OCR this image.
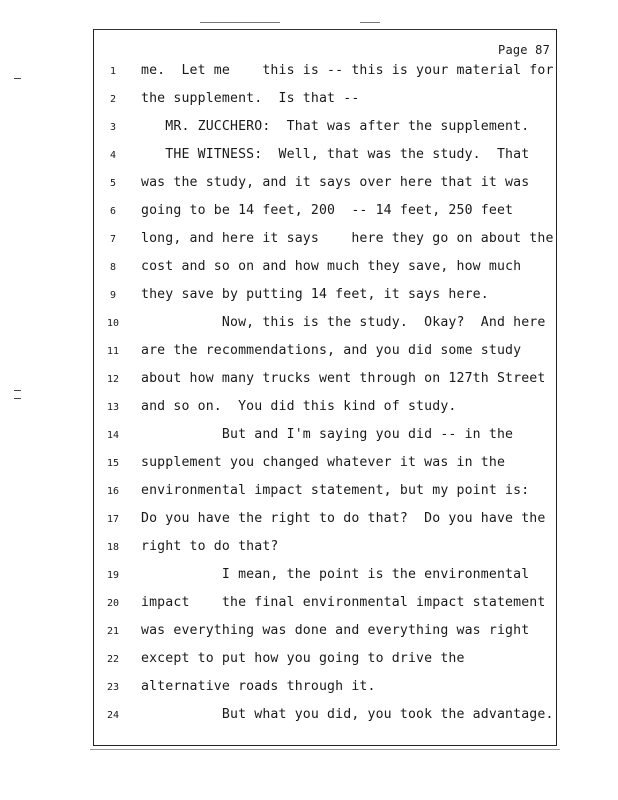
Page 87
1	me.  Let me    this is -- this is your material for
2	the supplement.  Is that --
3	MR. ZUCCHERO:  That was after the supplement.
4	THE WITNESS:  Well, that was the study.  That
5	was the study, and it says over here that it was
6	going to be 14 feet, 200  -- 14 feet, 250 feet
7	long, and here it says    here they go on about the
8	cost and so on and how much they save, how much
9	they save by putting 14 feet, it says here.
10	Now, this is the study.  Okay?  And here
11	are the recommendations, and you did some study
12	about how many trucks went through on 127th Street
13	and so on.  You did this kind of study.
14	But and I'm saying you did -- in the
15	supplement you changed whatever it was in the
16	environmental impact statement, but my point is:
17	Do you have the right to do that?  Do you have the
18	right to do that?
19	I mean, the point is the environmental
20	impact    the final environmental impact statement
21	was everything was done and everything was right
22	except to put how you going to drive the
23	alternative roads through it.
24	But what you did, you took the advantage.
